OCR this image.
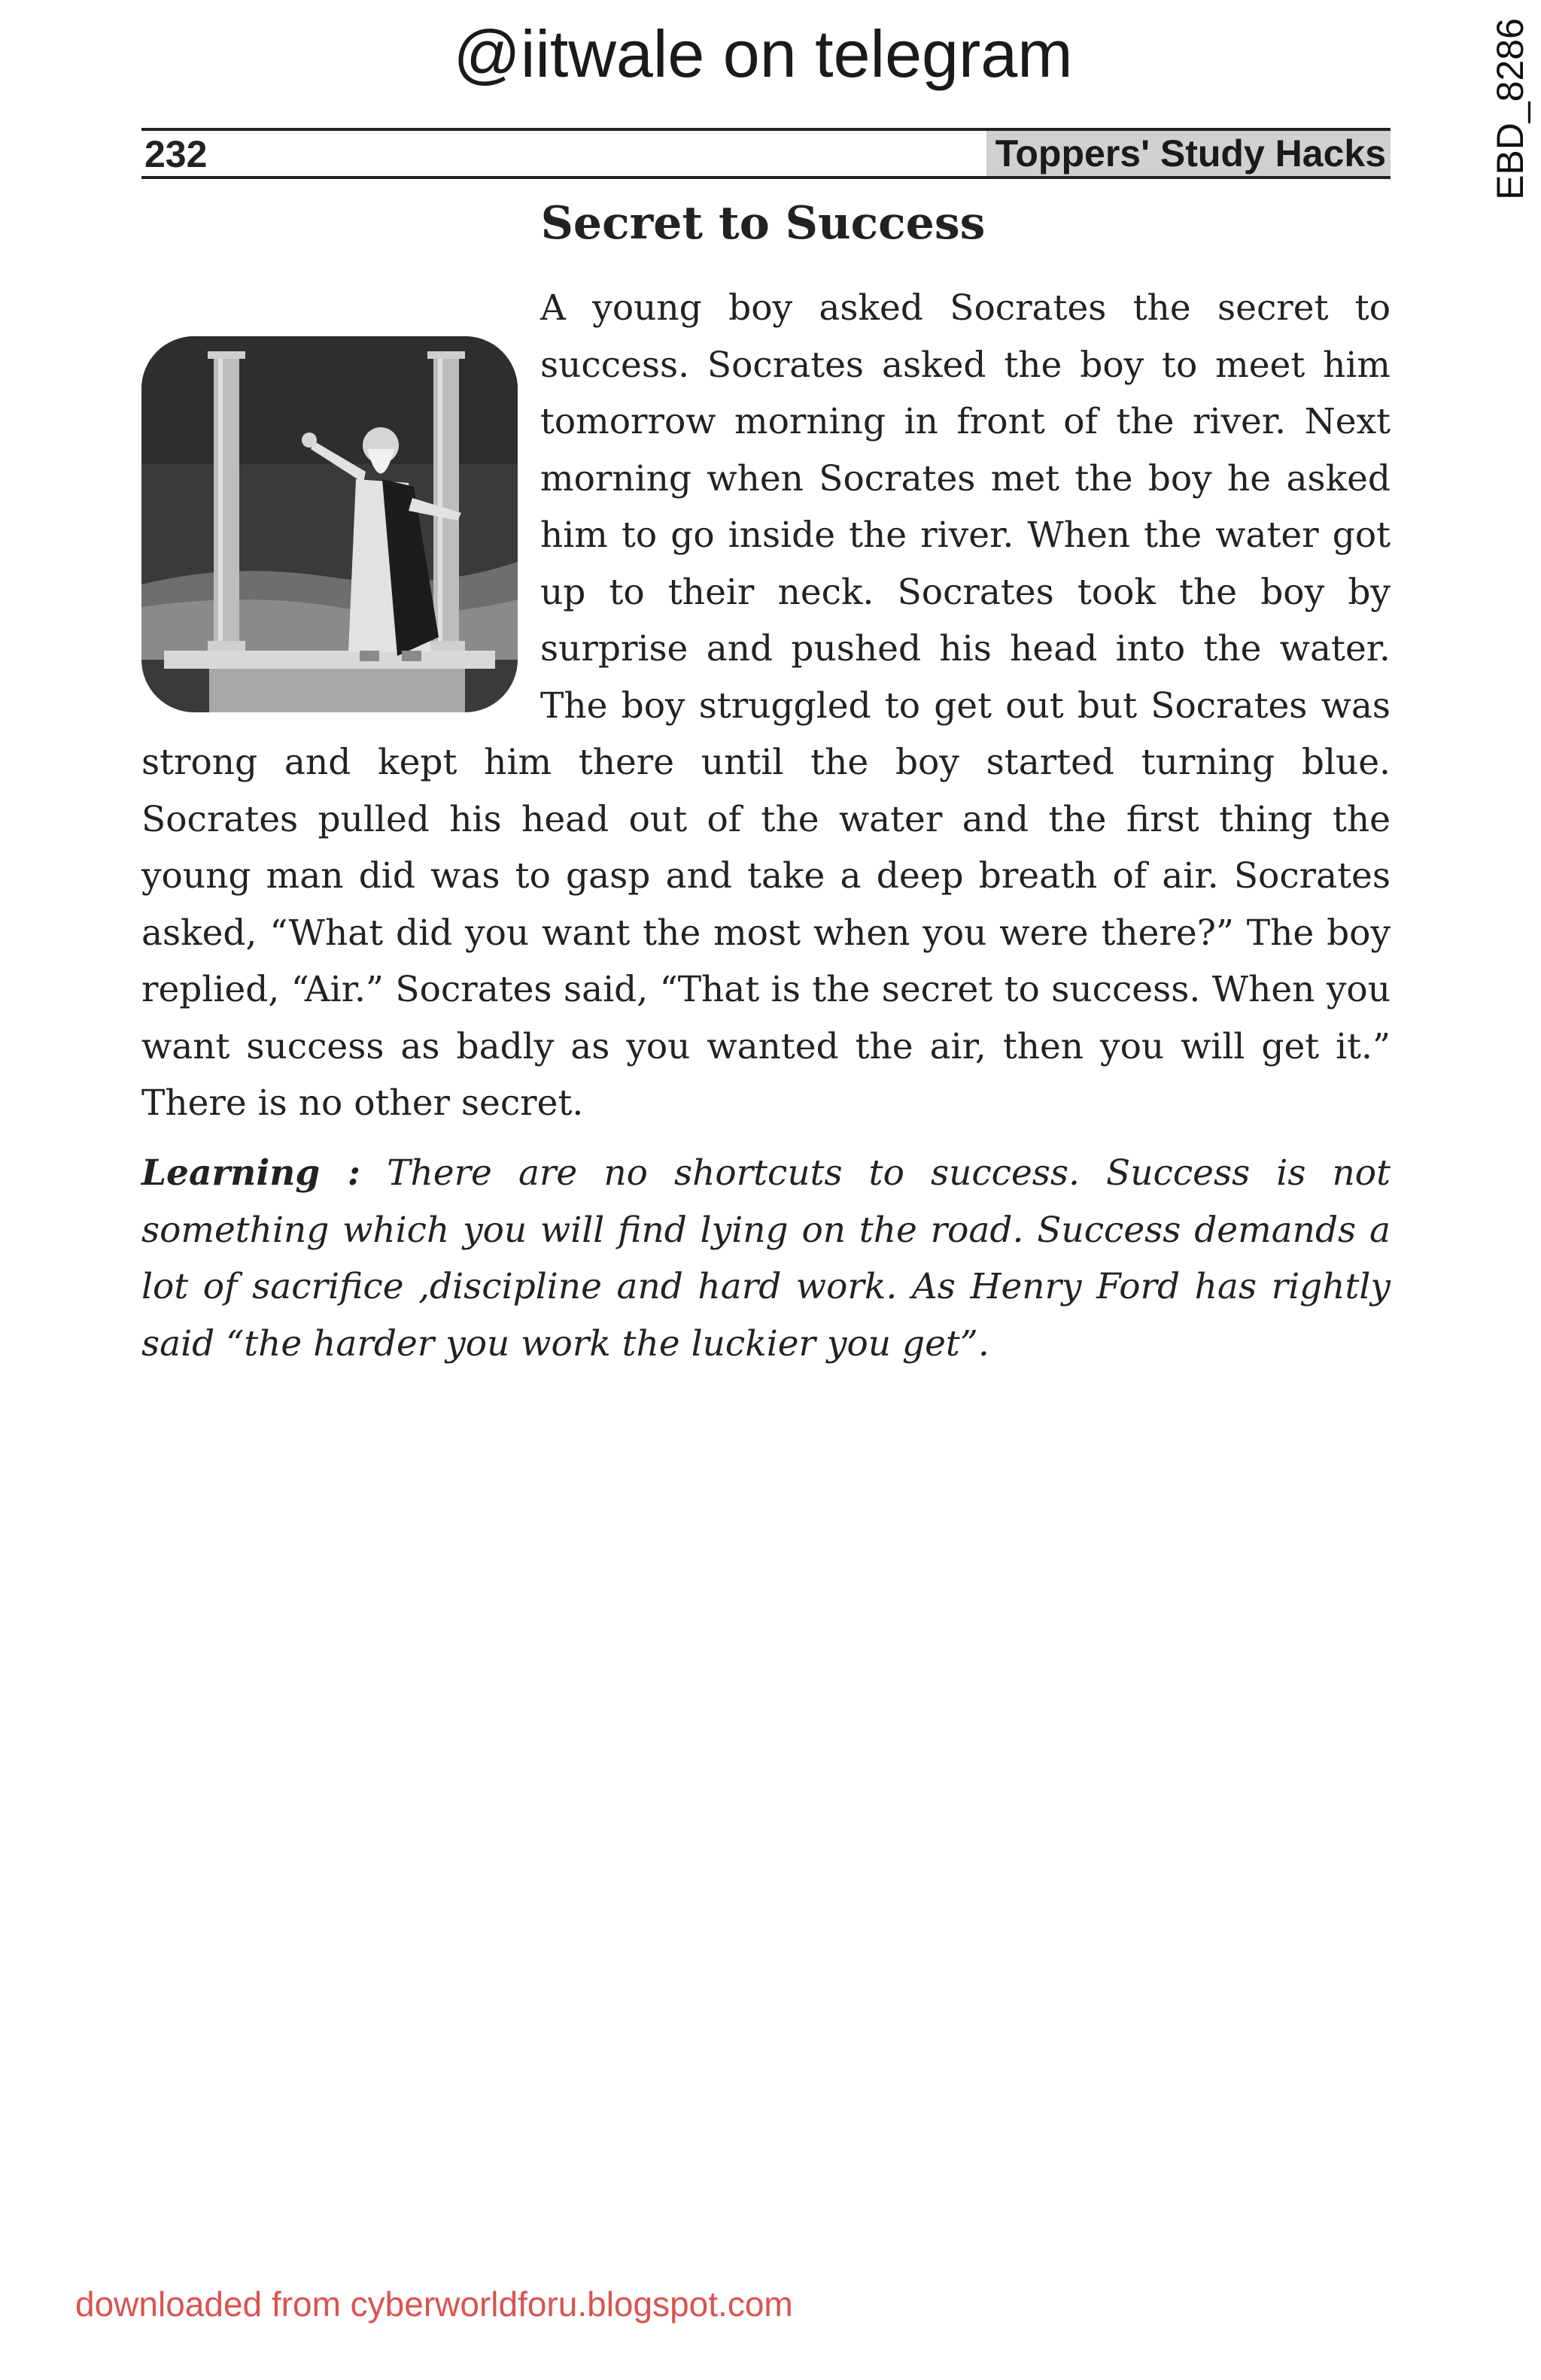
@iitwale on telegram	EBD_8286
232	Toppers' Study Hacks
Secret to Success
A young boy asked Socrates the secret to success. Socrates asked the boy to meet him tomorrow morning in front of the river. Next morning when Socrates met the boy he asked him to go inside the river. When the water got up to their neck. Socrates took the boy by surprise and pushed his head into the water. The boy struggled to get out but Socrates was strong and kept him there until the boy started turning blue. Socrates pulled his head out of the water and the first thing the young man did was to gasp and take a deep breath of air. Socrates asked, “What did you want the most when you were there?” The boy replied, “Air.” Socrates said, “That is the secret to success. When you want success as badly as you wanted the air, then you will get it.” There is no other secret.

Learning : There are no shortcuts to success. Success is not something which you will find lying on the road. Success demands a lot of sacrifice ,discipline and hard work. As Henry Ford has rightly said “the harder you work the luckier you get”.

downloaded from cyberworldforu.blogspot.com
